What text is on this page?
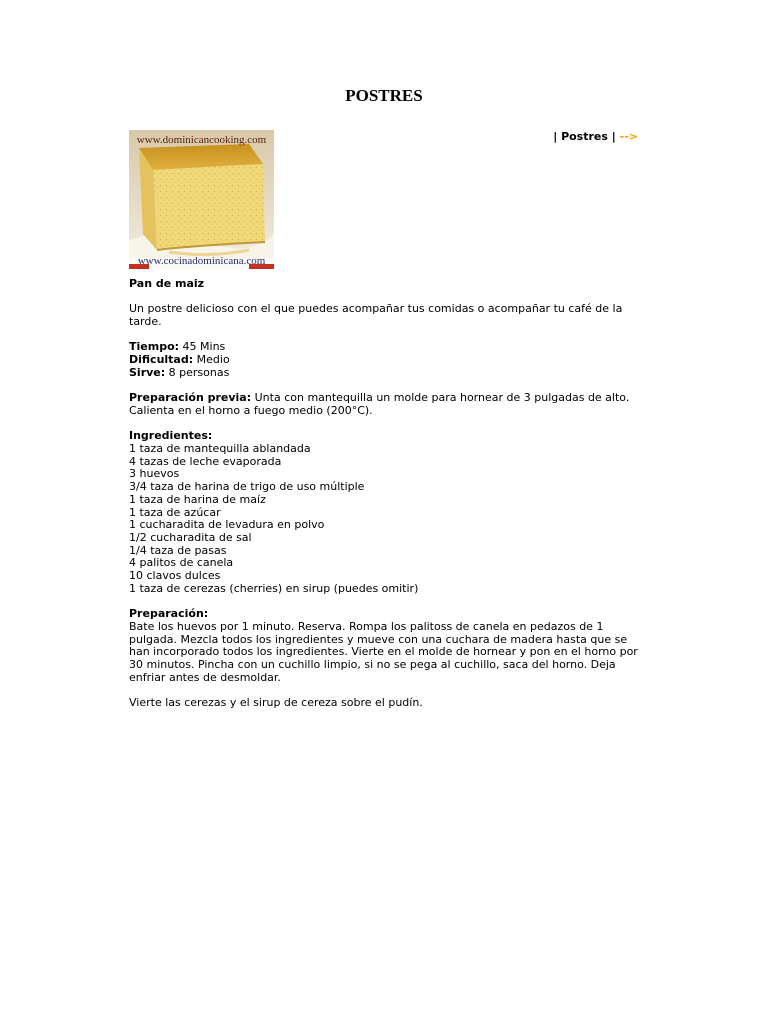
POSTRES
| Postres | -->
www.dominicancooking.com
www.cocinadominicana.com

Pan de maiz

Un postre delicioso con el que puedes acompañar tus comidas o acompañar tu café de la tarde.

Tiempo: 45 Mins
Dificultad: Medio
Sirve: 8 personas

Preparación previa: Unta con mantequilla un molde para hornear de 3 pulgadas de alto. Calienta en el horno a fuego medio (200°C).

Ingredientes:
1 taza de mantequilla ablandada
4 tazas de leche evaporada
3 huevos
3/4 taza de harina de trigo de uso múltiple
1 taza de harina de maíz
1 taza de azúcar
1 cucharadita de levadura en polvo
1/2 cucharadita de sal
1/4 taza de pasas
4 palitos de canela
10 clavos dulces
1 taza de cerezas (cherries) en sirup (puedes omitir)
Preparación:

Bate los huevos por 1 minuto. Reserva. Rompa los palitoss de canela en pedazos de 1 pulgada. Mezcla todos los ingredientes y mueve con una cuchara de madera hasta que se han incorporado todos los ingredientes. Vierte en el molde de hornear y pon en el horno por 30 minutos. Pincha con un cuchillo limpio, si no se pega al cuchillo, saca del horno. Deja enfriar antes de desmoldar.

Vierte las cerezas y el sirup de cereza sobre el pudín.
